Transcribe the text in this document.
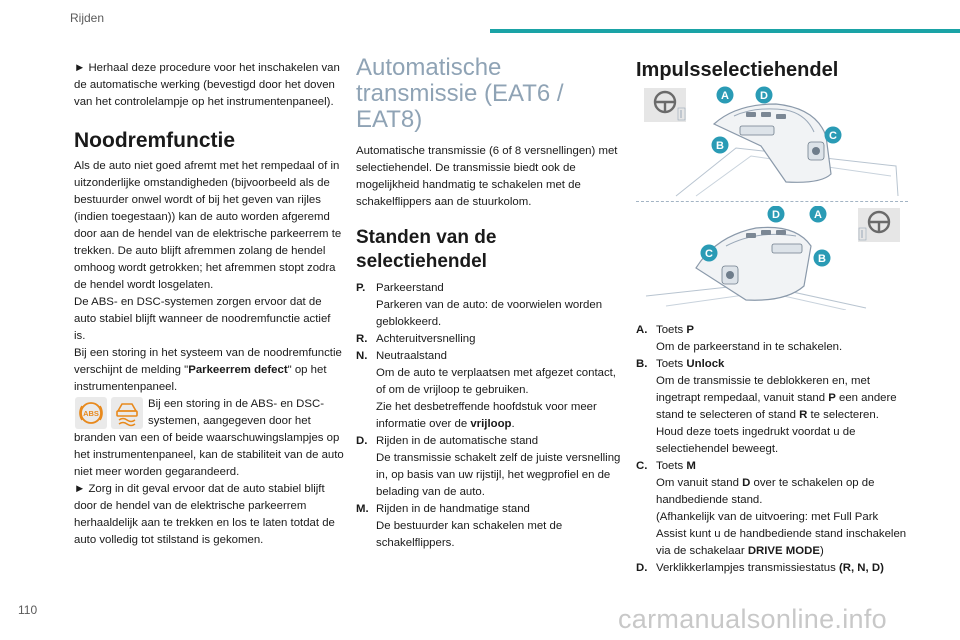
Rijden

► Herhaal deze procedure voor het inschakelen van de automatische werking (bevestigd door het doven van het controlelampje op het instrumentenpaneel).

Noodremfunctie

Als de auto niet goed afremt met het rempedaal of in uitzonderlijke omstandigheden (bijvoorbeeld als de bestuurder onwel wordt of bij het geven van rijles (indien toegestaan)) kan de auto worden afgeremd door aan de hendel van de elektrische parkeerrem te trekken. De auto blijft afremmen zolang de hendel omhoog wordt getrokken; het afremmen stopt zodra de hendel wordt losgelaten.

De ABS- en DSC-systemen zorgen ervoor dat de auto stabiel blijft wanneer de noodremfunctie actief is.

Bij een storing in het systeem van de noodremfunctie verschijnt de melding "Parkeerrem defect" op het instrumentenpaneel.

ABS

Bij een storing in de ABS- en DSC-systemen, aangegeven door het branden van een of beide waarschuwingslampjes op het instrumentenpaneel, kan de stabiliteit van de auto niet meer worden gegarandeerd.

► Zorg in dit geval ervoor dat de auto stabiel blijft door de hendel van de elektrische parkeerrem herhaaldelijk aan te trekken en los te laten totdat de auto volledig tot stilstand is gekomen.

Automatische transmissie (EAT6 / EAT8)

Automatische transmissie (6 of 8 versnellingen) met selectiehendel. De transmissie biedt ook de mogelijkheid handmatig te schakelen met de schakelflippers aan de stuurkolom.

Standen van de selectiehendel
P. Parkeerstand
Parkeren van de auto: de voorwielen worden geblokkeerd.
R. Achteruitversnelling
N. Neutraalstand
Om de auto te verplaatsen met afgezet contact, of om de vrijloop te gebruiken.
Zie het desbetreffende hoofdstuk voor meer informatie over de vrijloop.
D. Rijden in de automatische stand
De transmissie schakelt zelf de juiste versnelling in, op basis van uw rijstijl, het wegprofiel en de belading van de auto.
M. Rijden in de handmatige stand
De bestuurder kan schakelen met de schakelflippers.
Impulsselectiehendel
A	D
C
B
D	A
C	B
A. Toets P
Om de parkeerstand in te schakelen.
B. Toets Unlock
Om de transmissie te deblokkeren en, met ingetrapt rempedaal, vanuit stand P een andere stand te selecteren of stand R te selecteren.
Houd deze toets ingedrukt voordat u de selectiehendel beweegt.
C. Toets M
Om vanuit stand D over te schakelen op de handbediende stand.
(Afhankelijk van de uitvoering: met Full Park Assist kunt u de handbediende stand inschakelen via de schakelaar DRIVE MODE)
D. Verklikkerlampjes transmissiestatus (R, N, D)
110	carmanualsonline.info
